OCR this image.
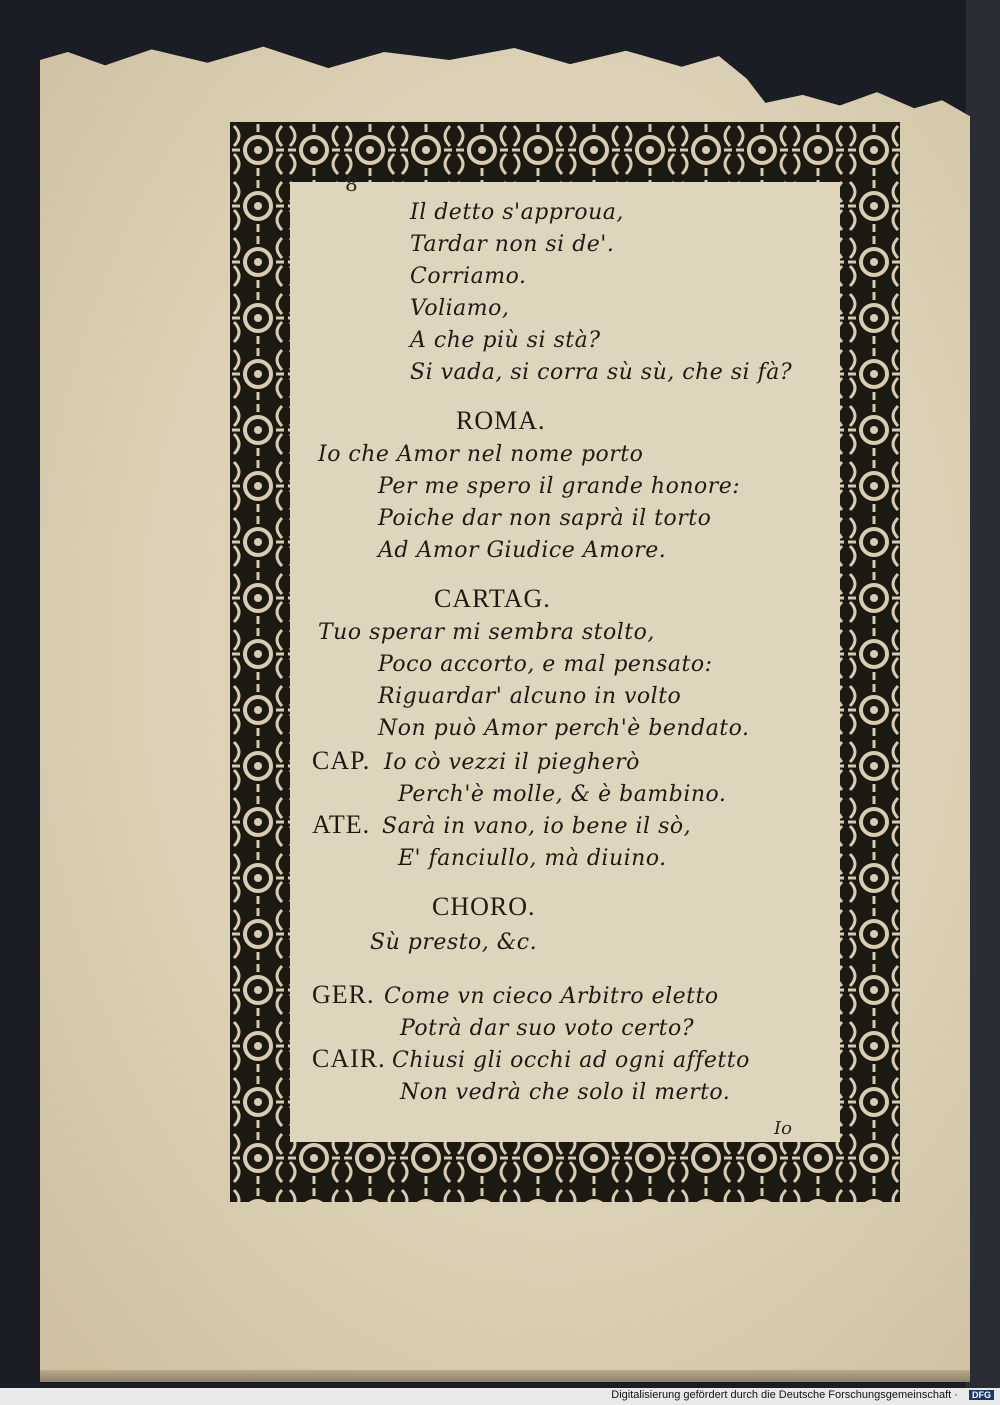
8
Il detto s'approua,
Tardar non si de'.
Corriamo.
Voliamo,
A che più si stà?
Si vada, si corra sù sù, che si fà?
ROMA.
Io che Amor nel nome porto
Per me spero il grande honore:
Poiche dar non saprà il torto
Ad Amor Giudice Amore.
CARTAG.
Tuo sperar mi sembra stolto,
Poco accorto, e mal pensato:
Riguardar' alcuno in volto
Non può Amor perch'è bendato.
CAP. Io cò vezzi il piegherò
Perch'è molle, & è bambino.
ATE. Sarà in vano, io bene il sò,
E' fanciullo, mà diuino.
CHORO.
Sù presto, &c.
GER. Come vn cieco Arbitro eletto
Potrà dar suo voto certo?
CAIR. Chiusi gli occhi ad ogni affetto
Non vedrà che solo il merto.
Io
Digitalisierung gefördert durch die Deutsche Forschungsgemeinschaft · DFG
